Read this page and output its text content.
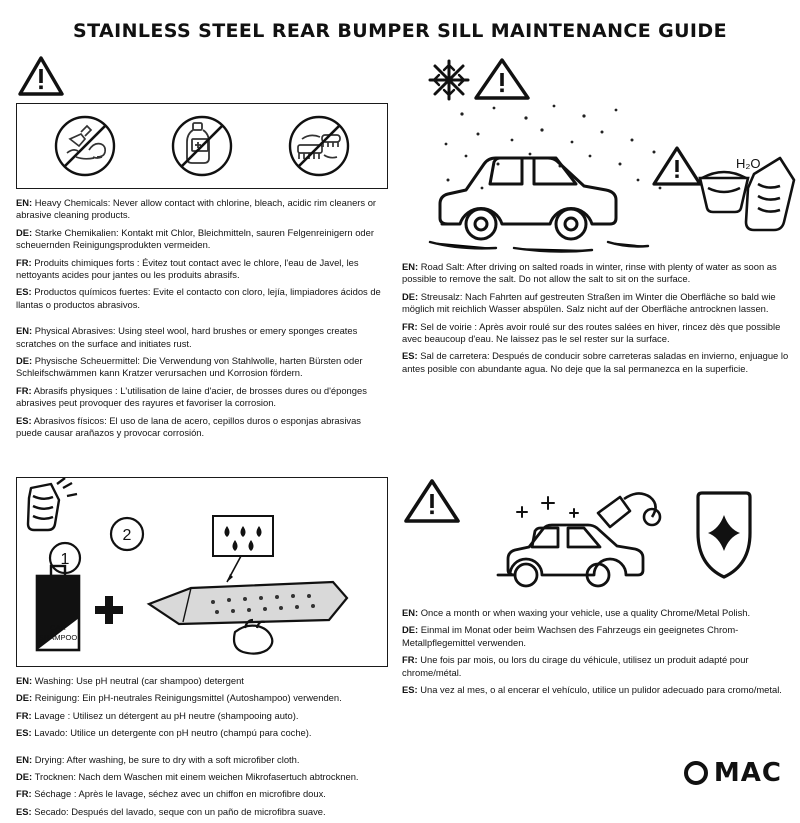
STAINLESS STEEL REAR BUMPER SILL MAINTENANCE GUIDE

EN: Heavy Chemicals: Never allow contact with chlorine, bleach, acidic rim cleaners or abrasive cleaning products.

DE: Starke Chemikalien: Kontakt mit Chlor, Bleichmitteln, sauren Felgenreinigern oder scheuernden Reinigungsprodukten vermeiden.

FR: Produits chimiques forts : Évitez tout contact avec le chlore, l'eau de Javel, les nettoyants acides pour jantes ou les produits abrasifs.

ES: Productos químicos fuertes: Evite el contacto con cloro, lejía, limpiadores ácidos de llantas o productos abrasivos.

EN: Physical Abrasives: Using steel wool, hard brushes or emery sponges creates scratches on the surface and initiates rust.

DE: Physische Scheuermittel: Die Verwendung von Stahlwolle, harten Bürsten oder Schleifschwämmen kann Kratzer verursachen und Korrosion fördern.

FR: Abrasifs physiques : L'utilisation de laine d'acier, de brosses dures ou d'éponges abrasives peut provoquer des rayures et favoriser la corrosion.

ES: Abrasivos físicos: El uso de lana de acero, cepillos duros o esponjas abrasivas puede causar arañazos y provocar corrosión.

H₂O

EN: Road Salt: After driving on salted roads in winter, rinse with plenty of water as soon as possible to remove the salt. Do not allow the salt to sit on the surface.

DE: Streusalz: Nach Fahrten auf gestreuten Straßen im Winter die Oberfläche so bald wie möglich mit reichlich Wasser abspülen. Salz nicht auf der Oberfläche antrocknen lassen.

FR: Sel de voirie : Après avoir roulé sur des routes salées en hiver, rincez dès que possible avec beaucoup d'eau. Ne laissez pas le sel rester sur la surface.

ES: Sal de carretera: Después de conducir sobre carreteras saladas en invierno, enjuague lo antes posible con abundante agua. No deje que la sal permanezca en la superficie.

1
2
CAR
SHAMPOO

EN: Washing: Use pH neutral (car shampoo) detergent

DE: Reinigung: Ein pH-neutrales Reinigungsmittel (Autoshampoo) verwenden.

FR: Lavage : Utilisez un détergent au pH neutre (shampooing auto).

ES: Lavado: Utilice un detergente con pH neutro (champú para coche).

EN: Drying: After washing, be sure to dry with a soft microfiber cloth.

DE: Trocknen: Nach dem Waschen mit einem weichen Mikrofasertuch abtrocknen.

FR: Séchage : Après le lavage, séchez avec un chiffon en microfibre doux.

ES: Secado: Después del lavado, seque con un paño de microfibra suave.

EN: Once a month or when waxing your vehicle, use a quality Chrome/Metal Polish.

DE: Einmal im Monat oder beim Wachsen des Fahrzeugs ein geeignetes Chrom-Metallpflegemittel verwenden.

FR: Une fois par mois, ou lors du cirage du véhicule, utilisez un produit adapté pour chrome/métal.

ES: Una vez al mes, o al encerar el vehículo, utilice un pulidor adecuado para cromo/metal.

MAC
